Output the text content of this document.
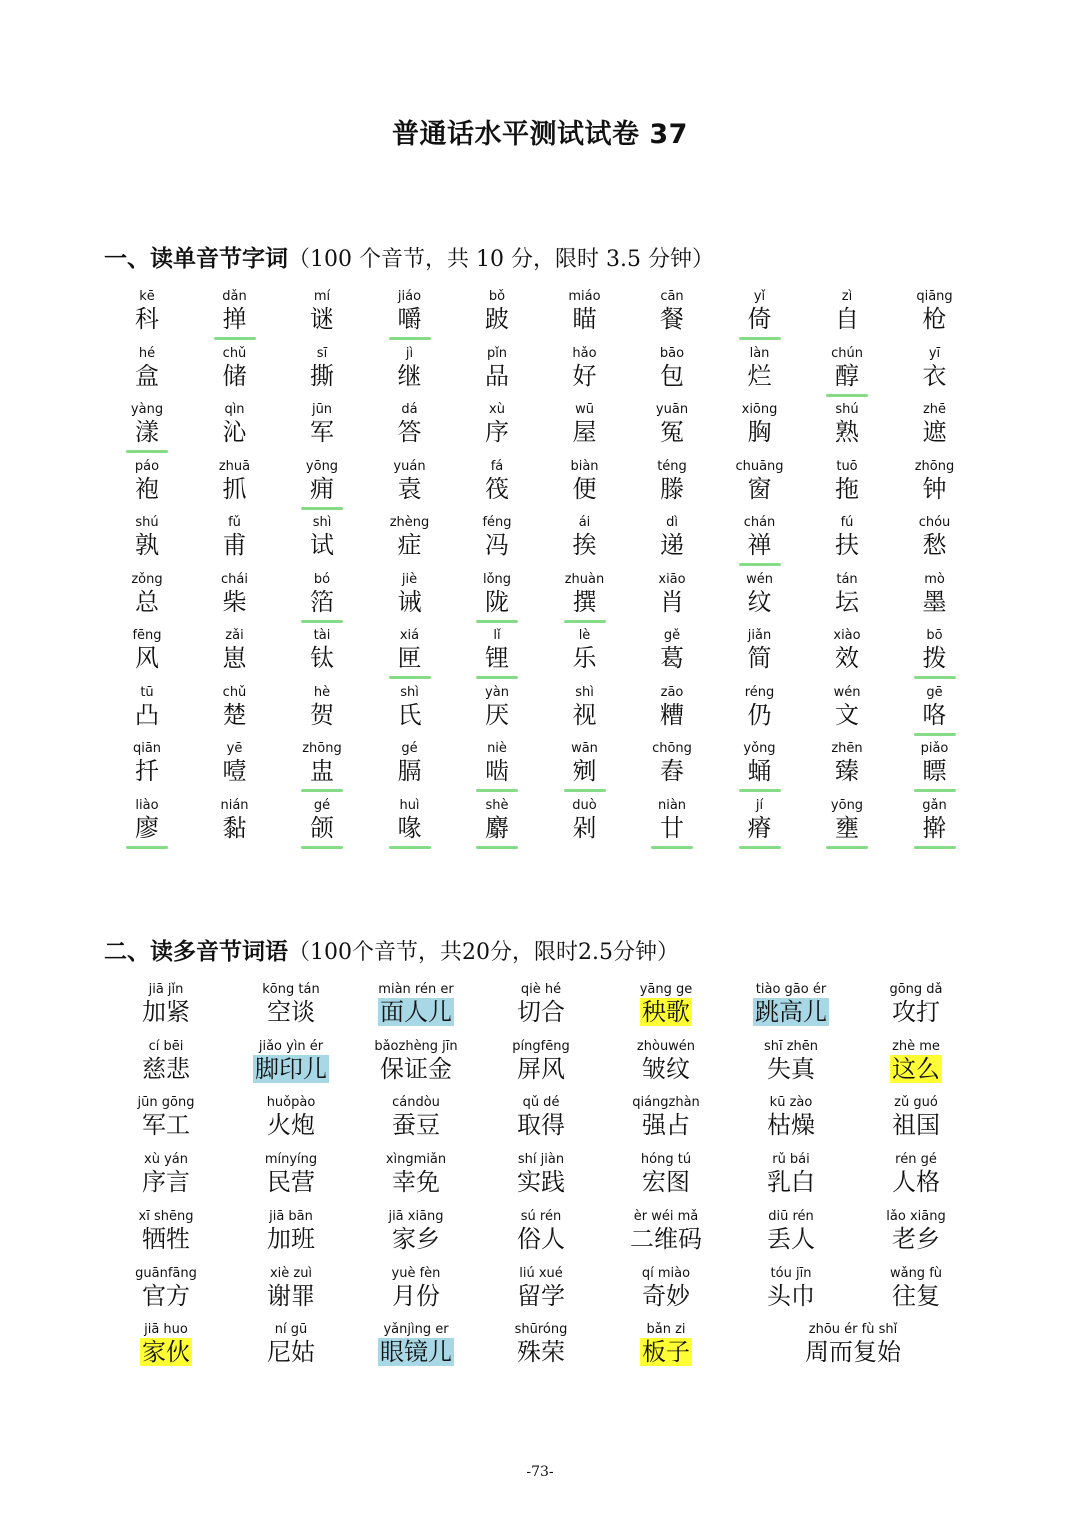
普通话水平测试试卷 37
一、读单音节字词（100 个音节，共 10 分，限时 3.5 分钟）
kē
科
dǎn
掸
mí
谜
jiáo
嚼
bǒ
跛
miáo
瞄
cān
餐
yǐ
倚
zì
自
qiāng
枪
hé
盒
chǔ
储
sī
撕
jì
继
pǐn
品
hǎo
好
bāo
包
làn
烂
chún
醇
yī
衣
yàng
漾
qìn
沁
jūn
军
dá
答
xù
序
wū
屋
yuān
冤
xiōng
胸
shú
熟
zhē
遮
páo
袍
zhuā
抓
yōng
痈
yuán
袁
fá
筏
biàn
便
téng
滕
chuāng
窗
tuō
拖
zhōng
钟
shú
孰
fǔ
甫
shì
试
zhèng
症
féng
冯
ái
挨
dì
递
chán
禅
fú
扶
chóu
愁
zǒng
总
chái
柴
bó
箔
jiè
诫
lǒng
陇
zhuàn
撰
xiāo
肖
wén
纹
tán
坛
mò
墨
fēng
风
zǎi
崽
tài
钛
xiá
匣
lǐ
锂
lè
乐
gě
葛
jiǎn
简
xiào
效
bō
拨
tū
凸
chǔ
楚
hè
贺
shì
氏
yàn
厌
shì
视
zāo
糟
réng
仍
wén
文
gē
咯
qiān
扦
yē
噎
zhōng
盅
gé
膈
niè
啮
wān
剜
chōng
舂
yǒng
蛹
zhēn
臻
piǎo
瞟
liào
廖
nián
黏
gé
颌
huì
喙
shè
麝
duò
剁
niàn
廿
jí
瘠
yōng
壅
gǎn
擀
二、读多音节词语（100个音节，共20分，限时2.5分钟）
jiā jǐn
加紧
kōng tán
空谈
miàn rén er
面人儿
qiè hé
切合
yāng ge
秧歌
tiào gāo ér
跳高儿
gōng dǎ
攻打
cí bēi
慈悲
jiǎo yìn ér
脚印儿
bǎozhèng jīn
保证金
píngfēng
屏风
zhòuwén
皱纹
shī zhēn
失真
zhè me
这么
jūn gōng
军工
huǒpào
火炮
cándòu
蚕豆
qǔ dé
取得
qiángzhàn
强占
kū zào
枯燥
zǔ guó
祖国
xù yán
序言
mínyíng
民营
xìngmiǎn
幸免
shí jiàn
实践
hóng tú
宏图
rǔ bái
乳白
rén gé
人格
xī shēng
牺牲
jiā bān
加班
jiā xiāng
家乡
sú rén
俗人
èr wéi mǎ
二维码
diū rén
丢人
lǎo xiāng
老乡
guānfāng
官方
xiè zuì
谢罪
yuè fèn
月份
liú xué
留学
qí miào
奇妙
tóu jīn
头巾
wǎng fù
往复
jiā huo
家伙
ní gū
尼姑
yǎnjìng er
眼镜儿
shūróng
殊荣
bǎn zi
板子
zhōu ér fù shǐ
周而复始
-73-
